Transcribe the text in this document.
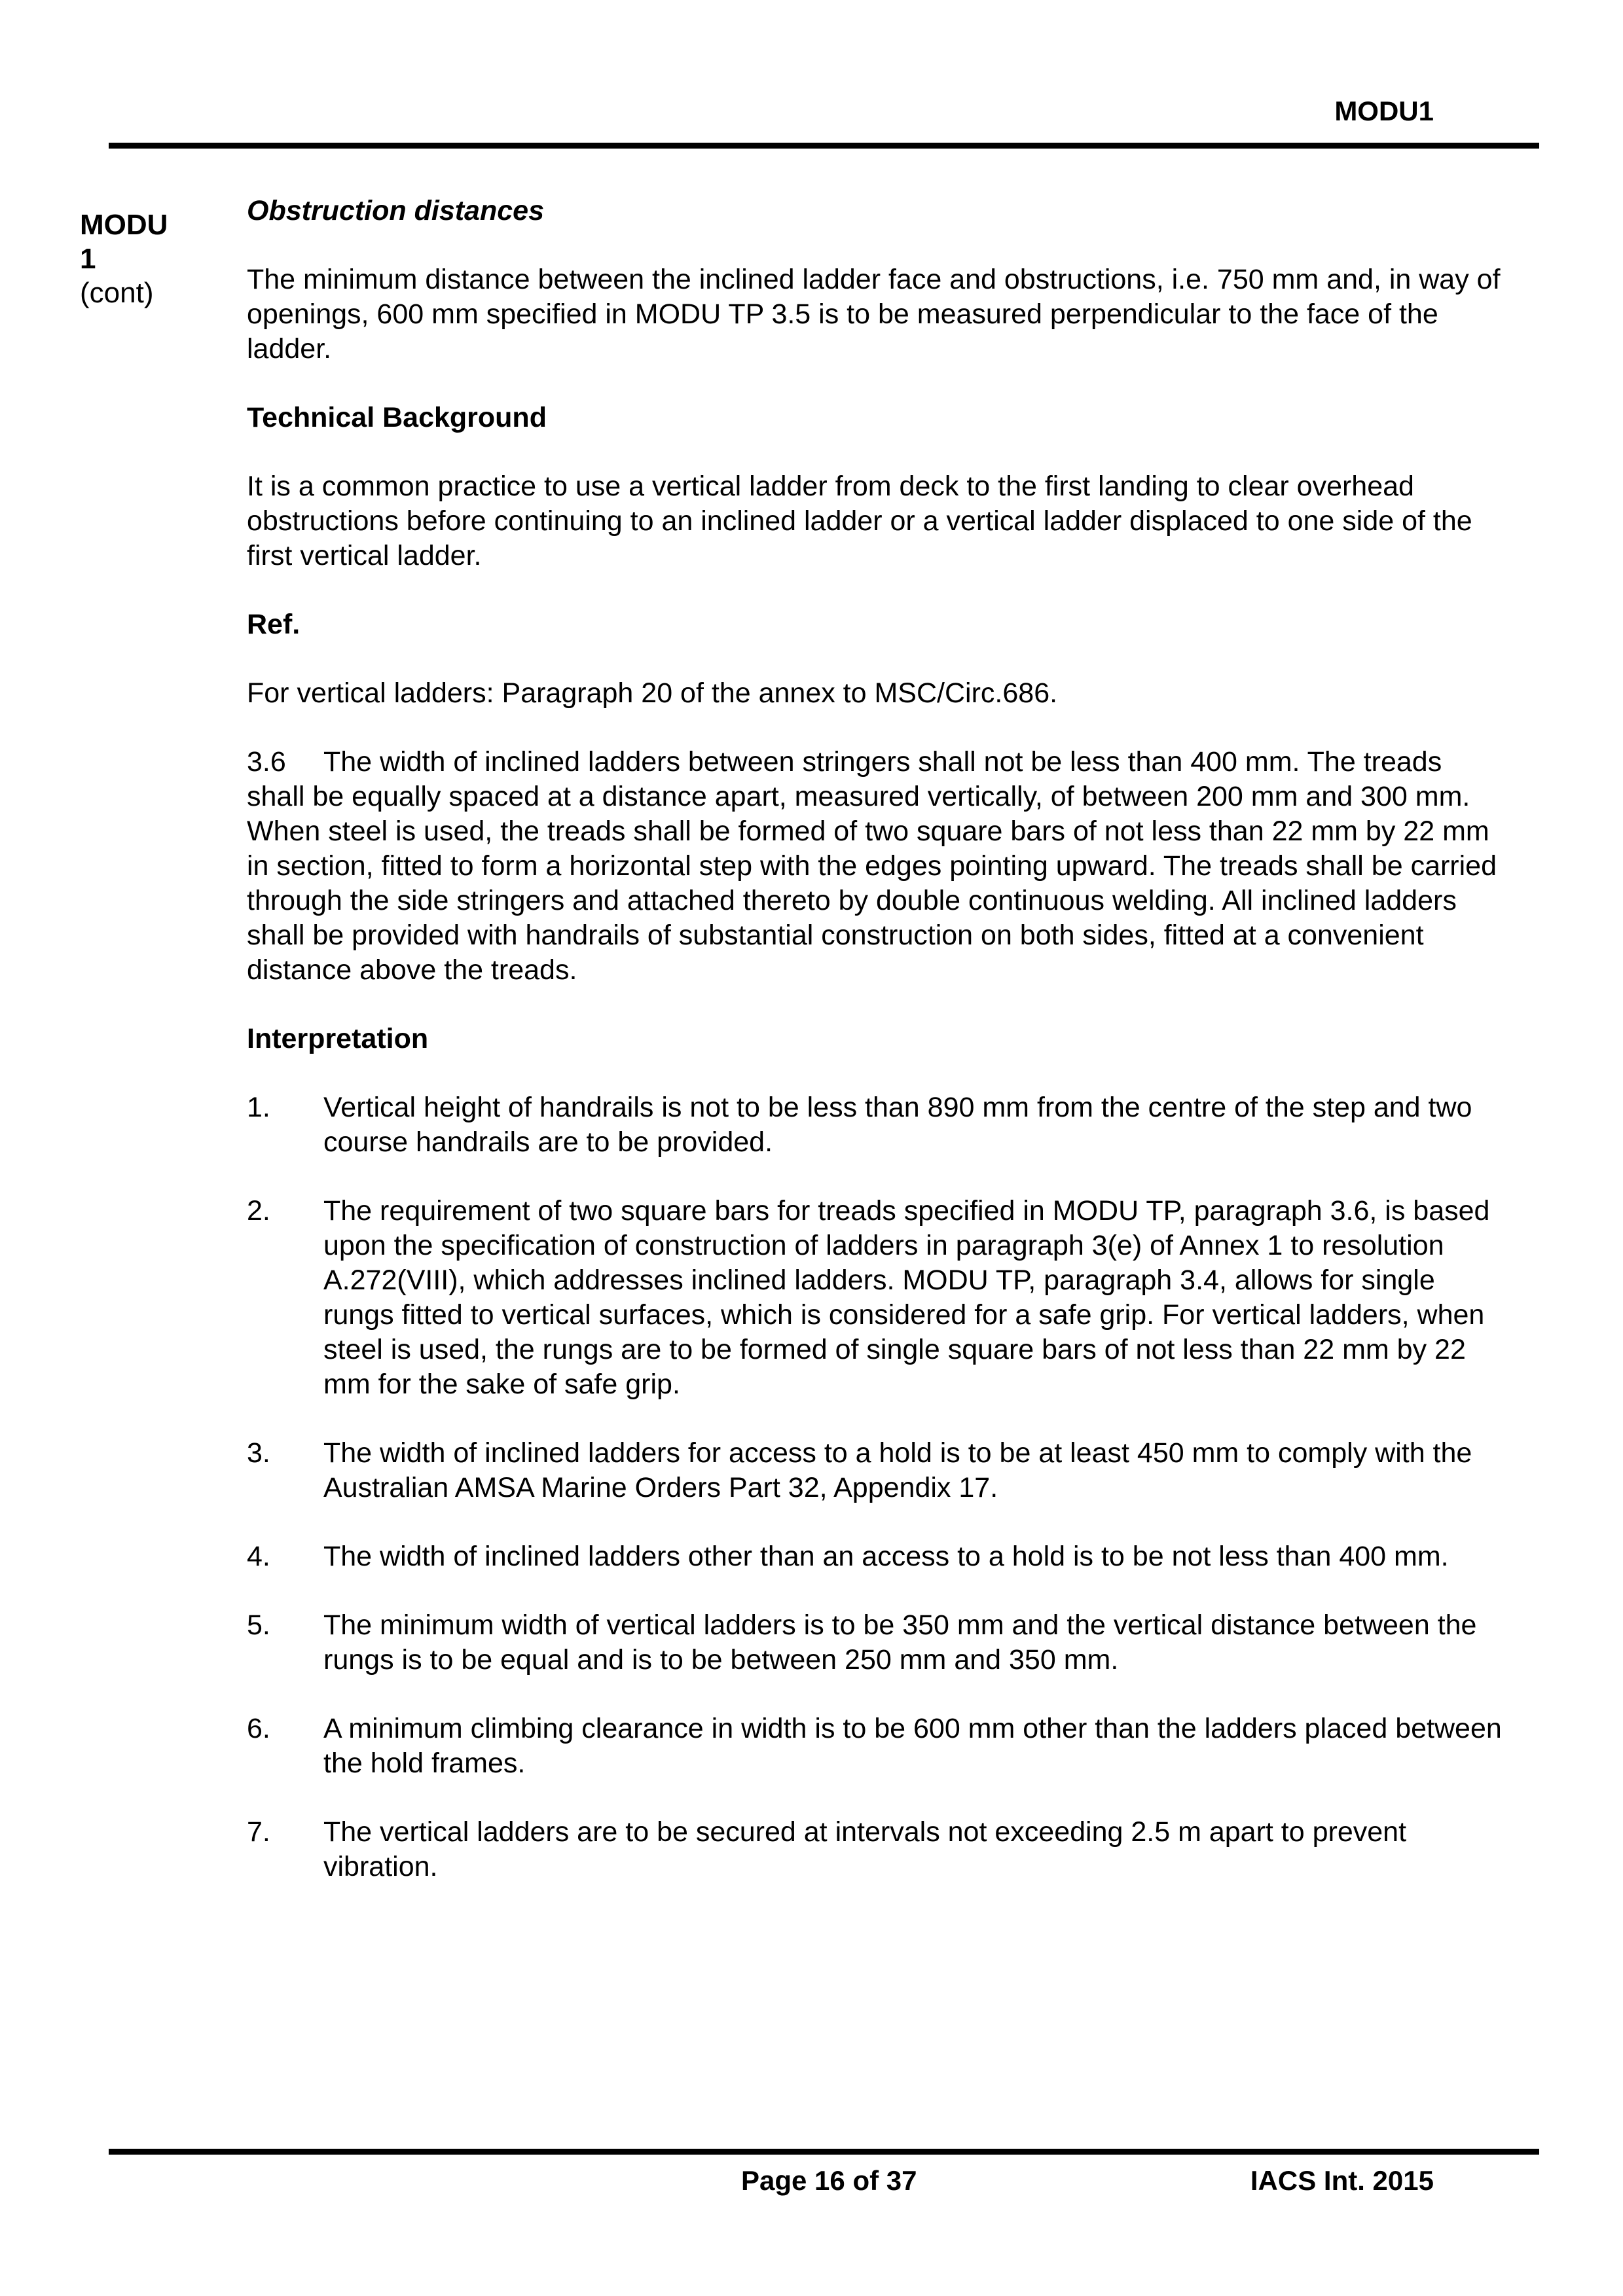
MODU1
MODU
1
(cont)

Obstruction distances

The minimum distance between the inclined ladder face and obstructions, i.e. 750 mm and, in way of openings, 600 mm specified in MODU TP 3.5 is to be measured perpendicular to the face of the ladder.

Technical Background

It is a common practice to use a vertical ladder from deck to the first landing to clear overhead obstructions before continuing to an inclined ladder or a vertical ladder displaced to one side of the first vertical ladder.

Ref.

For vertical ladders: Paragraph 20 of the annex to MSC/Circ.686.

3.6 The width of inclined ladders between stringers shall not be less than 400 mm. The treads shall be equally spaced at a distance apart, measured vertically, of between 200 mm and 300 mm. When steel is used, the treads shall be formed of two square bars of not less than 22 mm by 22 mm in section, fitted to form a horizontal step with the edges pointing upward. The treads shall be carried through the side stringers and attached thereto by double continuous welding. All inclined ladders shall be provided with handrails of substantial construction on both sides, fitted at a convenient distance above the treads.

Interpretation

1.	Vertical height of handrails is not to be less than 890 mm from the centre of the step and two course handrails are to be provided.
2.	The requirement of two square bars for treads specified in MODU TP, paragraph 3.6, is based upon the specification of construction of ladders in paragraph 3(e) of Annex 1 to resolution A.272(VIII), which addresses inclined ladders. MODU TP, paragraph 3.4, allows for single rungs fitted to vertical surfaces, which is considered for a safe grip. For vertical ladders, when steel is used, the rungs are to be formed of single square bars of not less than 22 mm by 22 mm for the sake of safe grip.
3.	The width of inclined ladders for access to a hold is to be at least 450 mm to comply with the Australian AMSA Marine Orders Part 32, Appendix 17.
4.	The width of inclined ladders other than an access to a hold is to be not less than 400 mm.
5.	The minimum width of vertical ladders is to be 350 mm and the vertical distance between the rungs is to be equal and is to be between 250 mm and 350 mm.
6.	A minimum climbing clearance in width is to be 600 mm other than the ladders placed between the hold frames.
7.	The vertical ladders are to be secured at intervals not exceeding 2.5 m apart to prevent vibration.
Page 16 of 37	IACS Int. 2015
